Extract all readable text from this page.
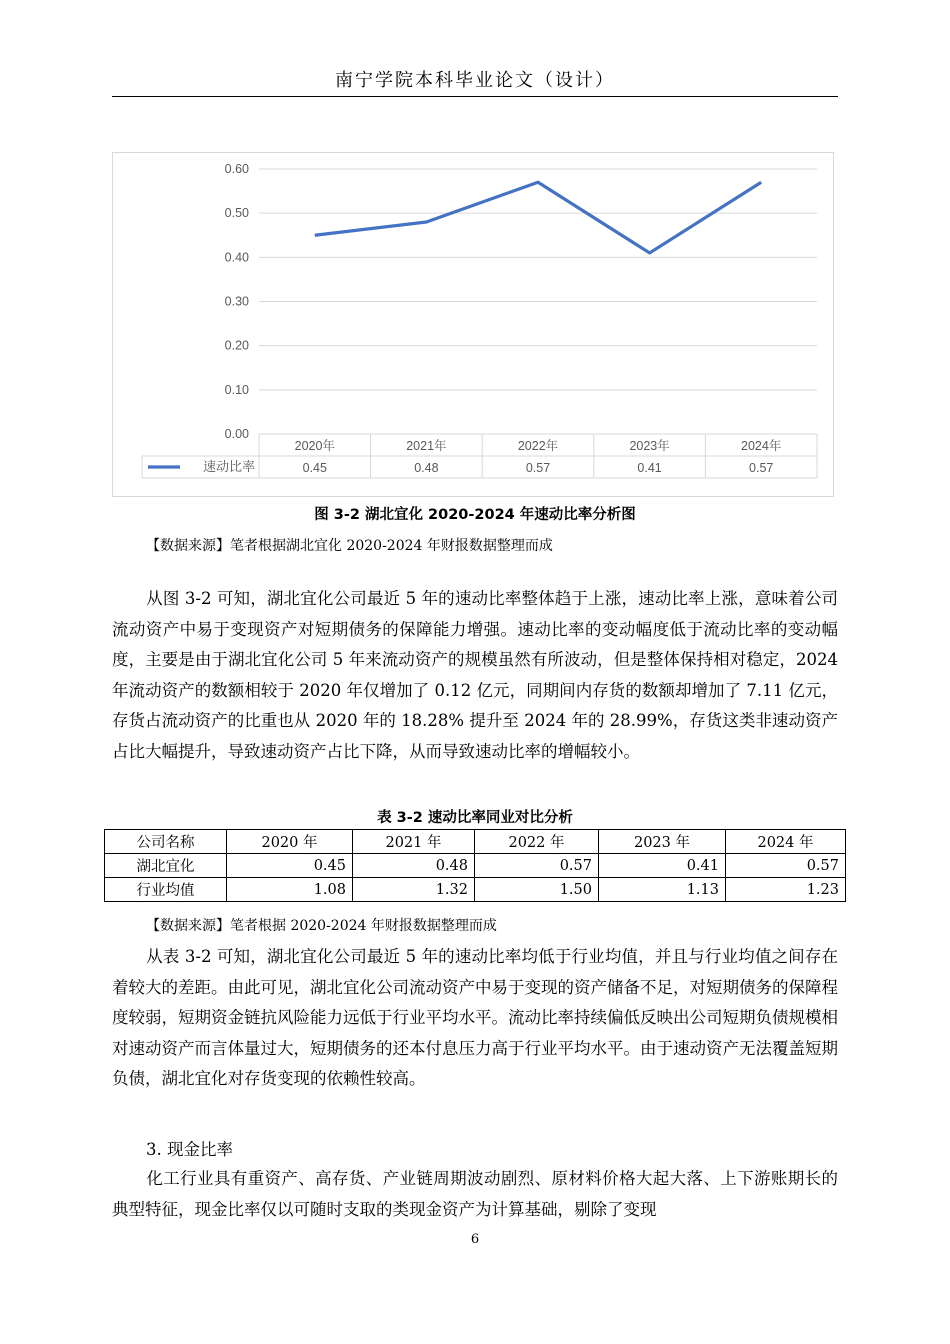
南宁学院本科毕业论文（设计）
0.00
0.10
0.20
0.30
0.40
0.50
0.60
2020年	2021年	2022年	2023年	2024年
速动比率	0.45	0.48	0.57	0.41	0.57
图 3-2 湖北宜化 2020-2024 年速动比率分析图
【数据来源】笔者根据湖北宜化 2020-2024 年财报数据整理而成

从图 3-2 可知，湖北宜化公司最近 5 年的速动比率整体趋于上涨，速动比率上涨，意味着公司流动资产中易于变现资产对短期债务的保障能力增强。速动比率的变动幅度低于流动比率的变动幅度，主要是由于湖北宜化公司 5 年来流动资产的规模虽然有所波动，但是整体保持相对稳定，2024 年流动资产的数额相较于 2020 年仅增加了 0.12 亿元，同期间内存货的数额却增加了 7.11 亿元，存货占流动资产的比重也从 2020 年的 18.28% 提升至 2024 年的 28.99%，存货这类非速动资产占比大幅提升，导致速动资产占比下降，从而导致速动比率的增幅较小。

表 3-2 速动比率同业对比分析
公司名称	2020 年	2021 年	2022 年	2023 年	2024 年
湖北宜化	0.45	0.48	0.57	0.41	0.57
行业均值	1.08	1.32	1.50	1.13	1.23
【数据来源】笔者根据 2020-2024 年财报数据整理而成

从表 3-2 可知，湖北宜化公司最近 5 年的速动比率均低于行业均值，并且与行业均值之间存在着较大的差距。由此可见，湖北宜化公司流动资产中易于变现的资产储备不足，对短期债务的保障程度较弱，短期资金链抗风险能力远低于行业平均水平。流动比率持续偏低反映出公司短期负债规模相对速动资产而言体量过大，短期债务的还本付息压力高于行业平均水平。由于速动资产无法覆盖短期负债，湖北宜化对存货变现的依赖性较高。

3. 现金比率

化工行业具有重资产、高存货、产业链周期波动剧烈、原材料价格大起大落、上下游账期长的典型特征，现金比率仅以可随时支取的类现金资产为计算基础，剔除了变现

6
